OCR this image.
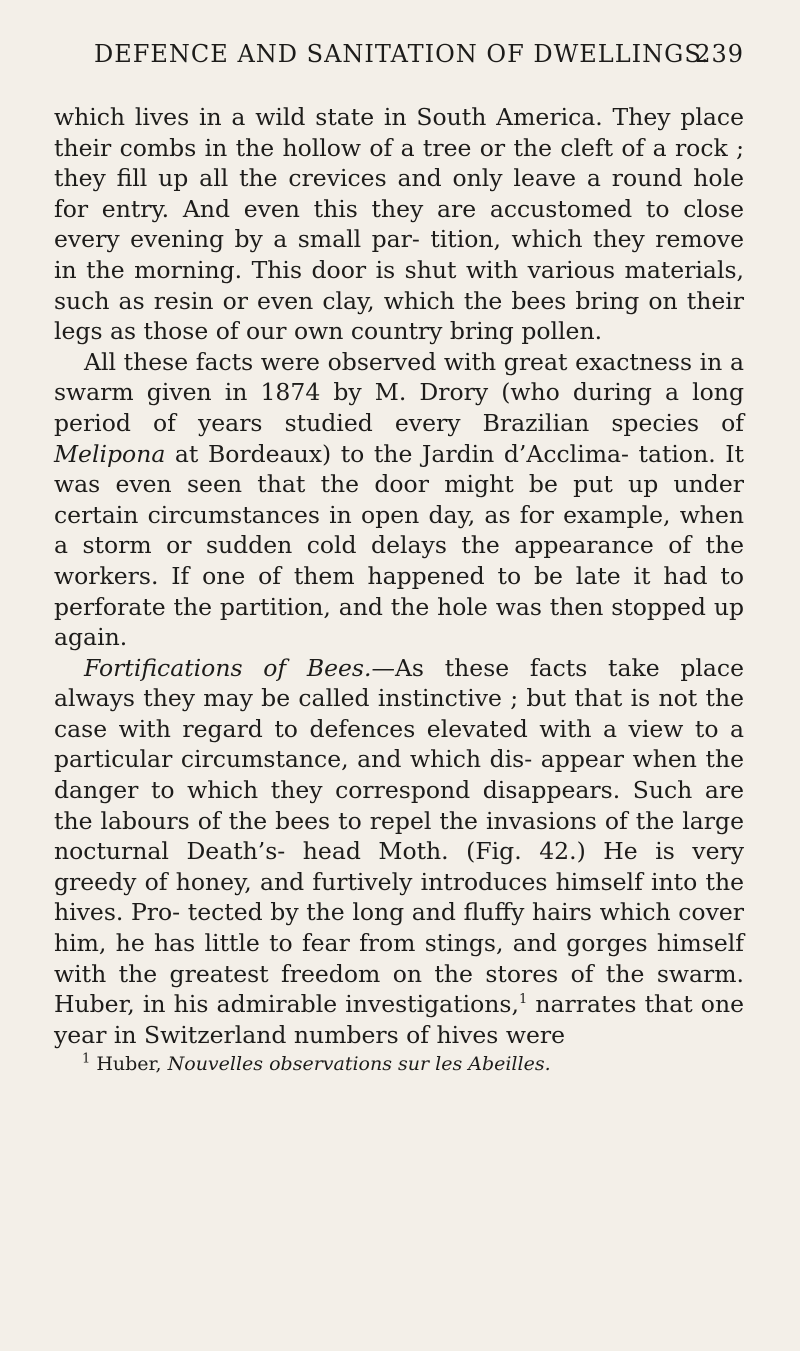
DEFENCE AND SANITATION OF DWELLINGS.
239

which lives in a wild state in South America. They place their combs in the hollow of a tree or the cleft of a rock ; they fill up all the crevices and only leave a round hole for entry. And even this they are accustomed to close every evening by a small par- tition, which they remove in the morning. This door is shut with various materials, such as resin or even clay, which the bees bring on their legs as those of our own country bring pollen.

All these facts were observed with great exactness in a swarm given in 1874 by M. Drory (who during a long period of years studied every Brazilian species of Melipona at Bordeaux) to the Jardin d’Acclima- tation. It was even seen that the door might be put up under certain circumstances in open day, as for example, when a storm or sudden cold delays the appearance of the workers. If one of them happened to be late it had to perforate the partition, and the hole was then stopped up again.

Fortifications of Bees.—As these facts take place always they may be called instinctive ; but that is not the case with regard to defences elevated with a view to a particular circumstance, and which dis- appear when the danger to which they correspond disappears. Such are the labours of the bees to repel the invasions of the large nocturnal Death’s- head Moth. (Fig. 42.) He is very greedy of honey, and furtively introduces himself into the hives. Pro- tected by the long and fluffy hairs which cover him, he has little to fear from stings, and gorges himself with the greatest freedom on the stores of the swarm. Huber, in his admirable investigations,$^1$ narrates that one year in Switzerland numbers of hives were

$^1$ Huber, Nouvelles observations sur les Abeilles.
